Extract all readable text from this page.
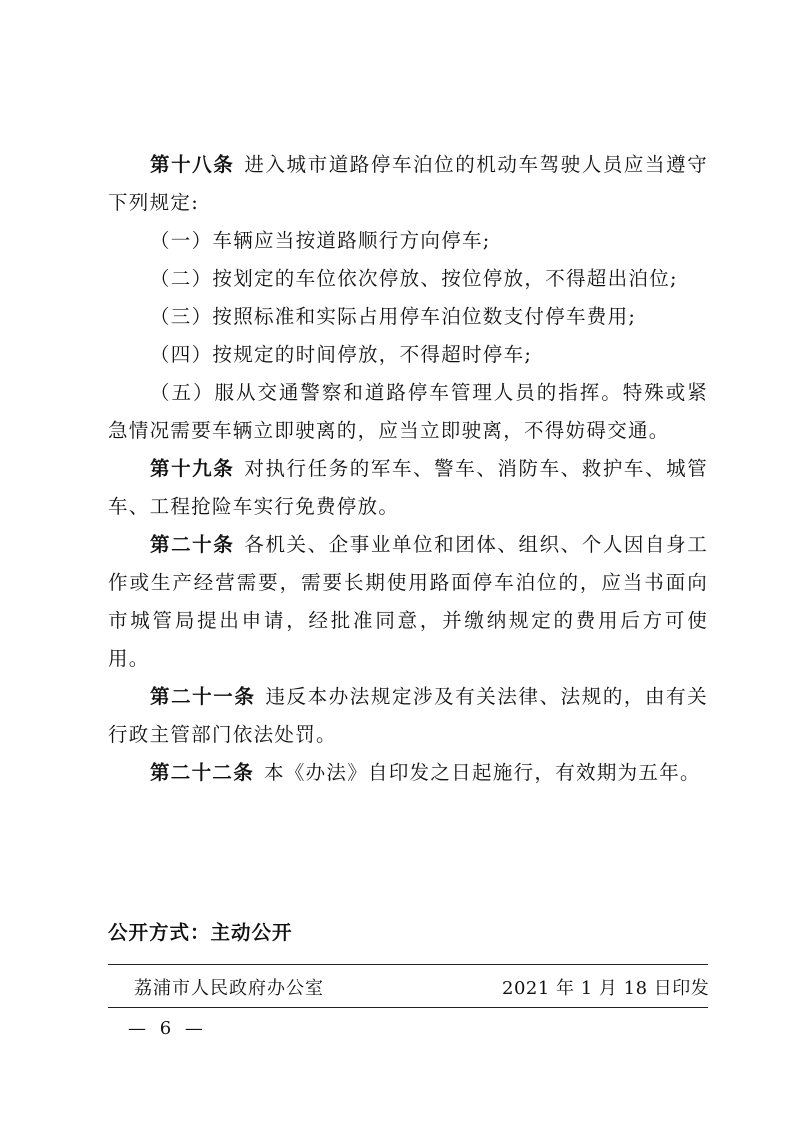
第十八条 进入城市道路停车泊位的机动车驾驶人员应当遵守下列规定:

（一）车辆应当按道路顺行方向停车;

（二）按划定的车位依次停放、按位停放，不得超出泊位;

（三）按照标准和实际占用停车泊位数支付停车费用;

（四）按规定的时间停放，不得超时停车;

（五）服从交通警察和道路停车管理人员的指挥。特殊或紧急情况需要车辆立即驶离的，应当立即驶离，不得妨碍交通。

第十九条 对执行任务的军车、警车、消防车、救护车、城管车、工程抢险车实行免费停放。

第二十条 各机关、企事业单位和团体、组织、个人因自身工作或生产经营需要，需要长期使用路面停车泊位的，应当书面向市城管局提出申请，经批准同意，并缴纳规定的费用后方可使用。

第二十一条 违反本办法规定涉及有关法律、法规的，由有关行政主管部门依法处罚。

第二十二条 本《办法》自印发之日起施行，有效期为五年。

公开方式：主动公开
荔浦市人民政府办公室	2021 年 1 月 18 日印发
— 6 —
